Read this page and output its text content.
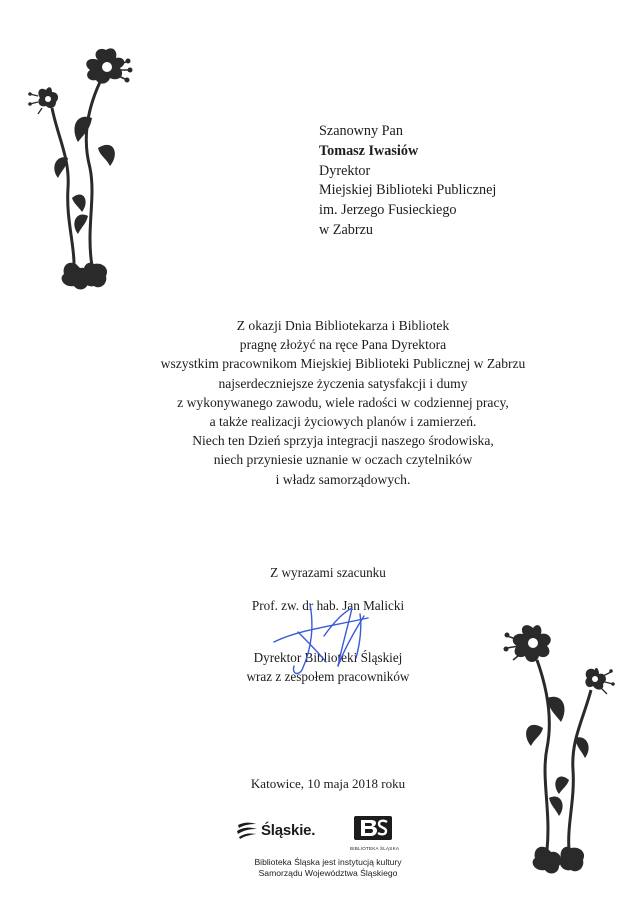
Szanowny Pan
Tomasz Iwasiów
Dyrektor
Miejskiej Biblioteki Publicznej
im. Jerzego Fusieckiego
w Zabrzu
Z okazji Dnia Bibliotekarza i Bibliotek
pragnę złożyć na ręce Pana Dyrektora
wszystkim pracownikom Miejskiej Biblioteki Publicznej w Zabrzu
najserdeczniejsze życzenia satysfakcji i dumy
z wykonywanego zawodu, wiele radości w codziennej pracy,
a także realizacji życiowych planów i zamierzeń.
Niech ten Dzień sprzyja integracji naszego środowiska,
niech przyniesie uznanie w oczach czytelników
i władz samorządowych.
Z wyrazami szacunku
Prof. zw. dr hab. Jan Malicki
Dyrektor Biblioteki Śląskiej
wraz z zespołem pracowników
Katowice, 10 maja 2018 roku
Śląskie.
BIBLIOTEKA ŚLĄSKA
Biblioteka Śląska jest instytucją kultury
Samorządu Województwa Śląskiego
